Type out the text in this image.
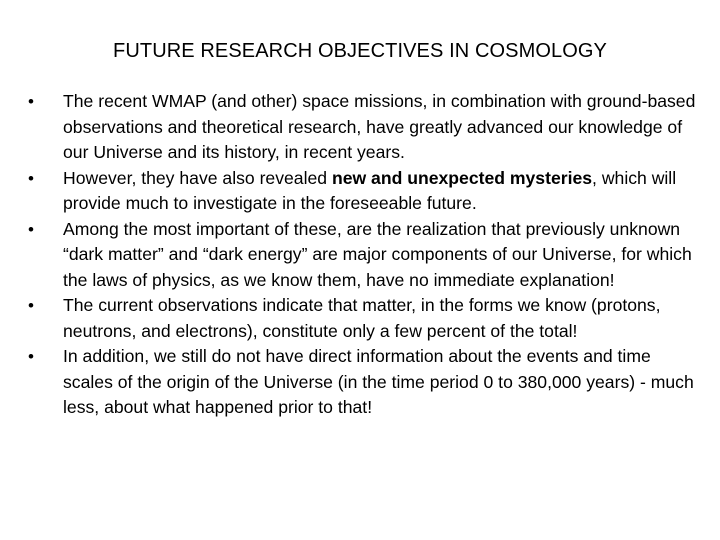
FUTURE RESEARCH OBJECTIVES IN COSMOLOGY
• The recent WMAP (and other) space missions, in combination with ground-based observations and theoretical research, have greatly advanced our knowledge of our Universe and its history, in recent years.
• However, they have also revealed new and unexpected mysteries, which will provide much to investigate in the foreseeable future.
• Among the most important of these, are the realization that previously unknown “dark matter” and “dark energy” are major components of our Universe, for which the laws of physics, as we know them, have no immediate explanation!
• The current observations indicate that matter, in the forms we know (protons, neutrons, and electrons), constitute only a few percent of the total!
• In addition, we still do not have direct information about the events and time scales of the origin of the Universe (in the time period 0 to 380,000 years) - much less, about what happened prior to that!
